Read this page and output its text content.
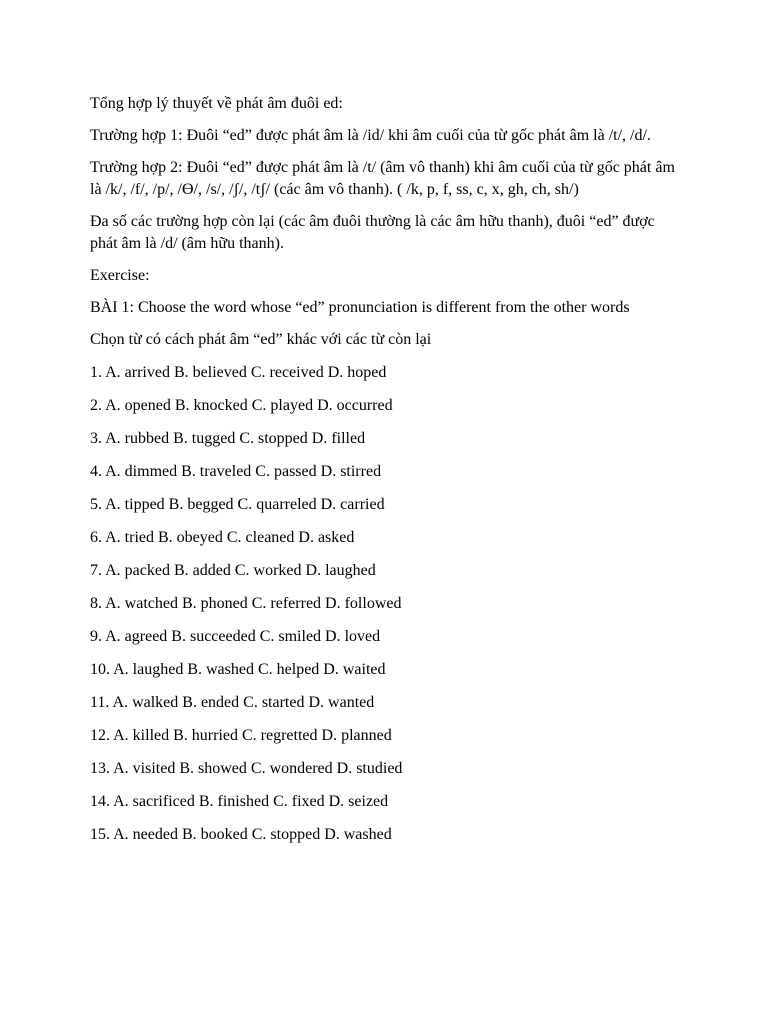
Tổng hợp lý thuyết về phát âm đuôi ed:

Trường hợp 1: Đuôi “ed” được phát âm là /id/ khi âm cuối của từ gốc phát âm là /t/, /d/.

Trường hợp 2: Đuôi “ed” được phát âm là /t/ (âm vô thanh) khi âm cuối của từ gốc phát âm là /k/, /f/, /p/, /Ɵ/, /s/, /ʃ/, /tʃ/ (các âm vô thanh). ( /k, p, f, ss, c, x, gh, ch, sh/)

Đa số các trường hợp còn lại (các âm đuôi thường là các âm hữu thanh), đuôi “ed” được phát âm là /d/ (âm hữu thanh).

Exercise:

BÀI 1: Choose the word whose “ed” pronunciation is different from the other words

Chọn từ có cách phát âm “ed” khác với các từ còn lại

1. A. arrived B. believed C. received D. hoped

2. A. opened B. knocked C. played D. occurred

3. A. rubbed B. tugged C. stopped D. filled

4. A. dimmed B. traveled C. passed D. stirred

5. A. tipped B. begged C. quarreled D. carried

6. A. tried B. obeyed C. cleaned D. asked

7. A. packed B. added C. worked D. laughed

8. A. watched B. phoned C. referred D. followed

9. A. agreed B. succeeded C. smiled D. loved

10. A. laughed B. washed C. helped D. waited

11. A. walked B. ended C. started D. wanted

12. A. killed B. hurried C. regretted D. planned

13. A. visited B. showed C. wondered D. studied

14. A. sacrificed B. finished C. fixed D. seized

15. A. needed B. booked C. stopped D. washed
